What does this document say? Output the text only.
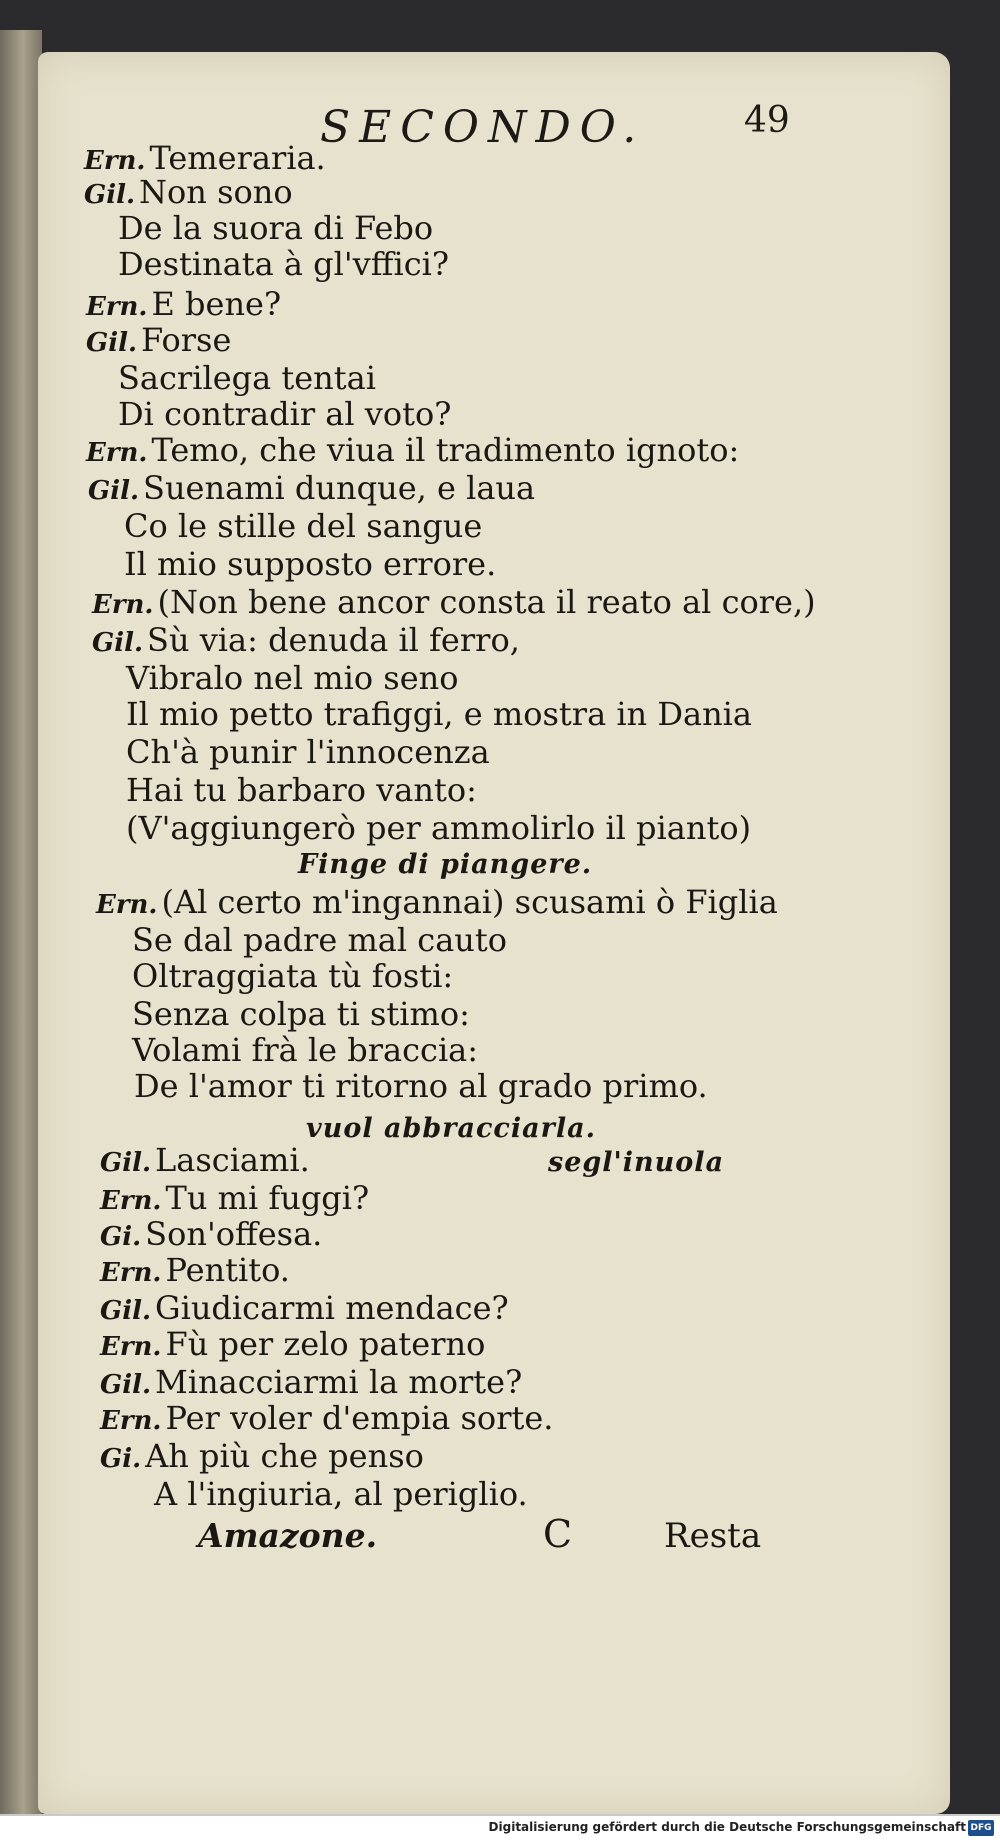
SECONDO.	49
Ern. Temeraria.
Gil. Non sono
De la suora di Febo
Destinata à gl'vffici?
Ern. E bene?
Gil. Forse
Sacrilega tentai
Di contradir al voto?
Ern. Temo, che viua il tradimento ignoto:
Gil. Suenami dunque, e laua
Co le stille del sangue
Il mio supposto errore.
Ern. (Non bene ancor consta il reato al core,)
Gil. Sù via: denuda il ferro,
Vibralo nel mio seno
Il mio petto trafiggi, e mostra in Dania
Ch'à punir l'innocenza
Hai tu barbaro vanto:
(V'aggiungerò per ammolirlo il pianto)
Finge di piangere.
Ern. (Al certo m'ingannai) scusami ò Figlia
Se dal padre mal cauto
Oltraggiata tù fosti:
Senza colpa ti stimo:
Volami frà le braccia:
De l'amor ti ritorno al grado primo.
vuol abbracciarla.
Gil. Lasciami.	segl'inuola
Ern. Tu mi fuggi?
Gi. Son'offesa.
Ern. Pentito.
Gil. Giudicarmi mendace?
Ern. Fù per zelo paterno
Gil. Minacciarmi la morte?
Ern. Per voler d'empia sorte.
Gi. Ah più che penso
A l'ingiuria, al periglio.
Amazone.	C	Resta
Digitalisierung gefördert durch die Deutsche Forschungsgemeinschaft DFG
